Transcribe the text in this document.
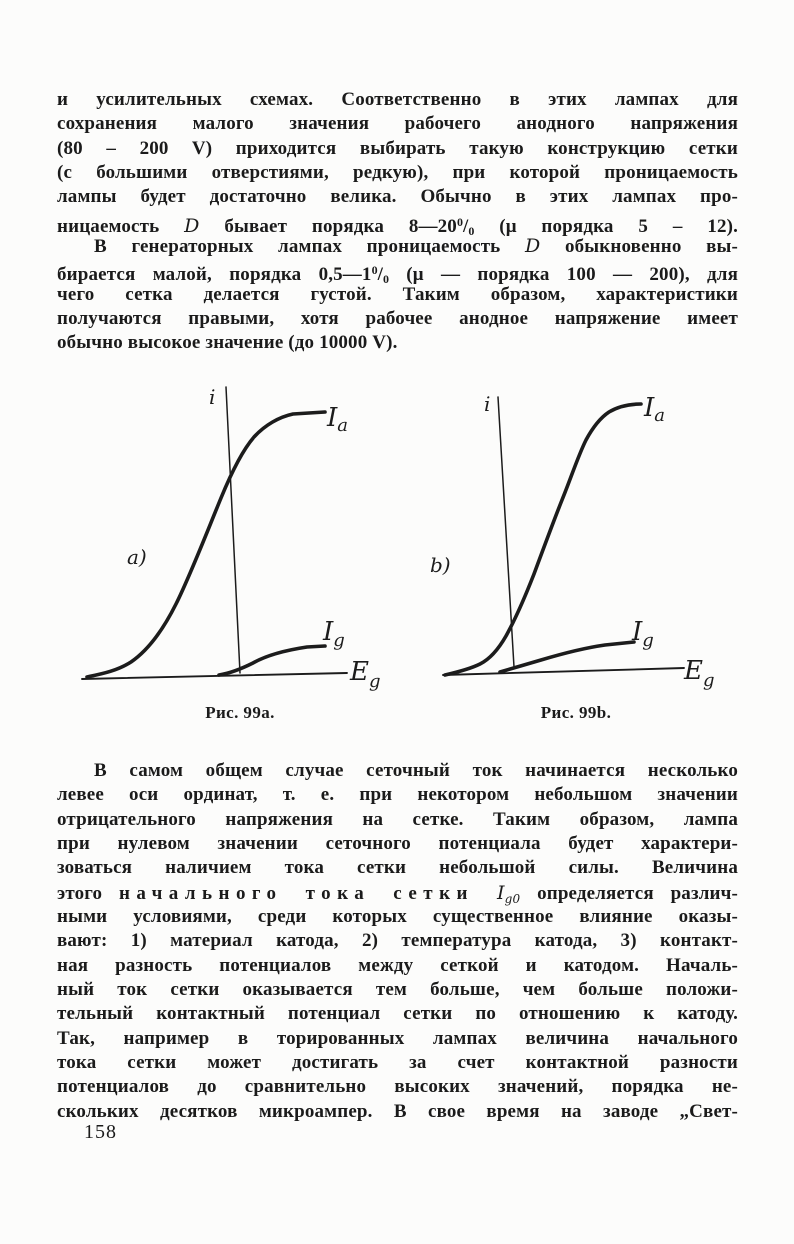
и усилительных схемах. Соответственно в этих лампах для
сохранения малого значения рабочего анодного напряжения
(80 – 200 V) приходится выбирать такую конструкцию сетки
(с большими отверстиями, редкую), при которой проницаемость
лампы будет достаточно велика. Обычно в этих лампах про-
ницаемость D бывает порядка $8—20^0/0$ (μ порядка 5 – 12).
В генераторных лампах проницаемость D обыкновенно вы-
бирается малой, порядка $0,5—1^0/0$ (μ — порядка 100 — 200), для
чего сетка делается густой. Таким образом, характеристики
получаются правыми, хотя рабочее анодное напряжение имеет
обычно высокое значение (до 10000 V).
i
Ia
$I_g$
$E_g$
a)
i	Ia
$I_g$
$E_g$
b)
Рис. 99a.	Рис. 99b.
В самом общем случае сеточный ток начинается несколько
левее оси ординат, т. е. при некотором небольшом значении
отрицательного напряжения на сетке. Таким образом, лампа
при нулевом значении сеточного потенциала будет характери-
зоваться наличием тока сетки небольшой силы. Величина
этого начального тока сетки $I_{g0}$ определяется различ-
ными условиями, среди которых существенное влияние оказы-
вают: 1) материал катода, 2) температура катода, 3) контакт-
ная разность потенциалов между сеткой и катодом. Началь-
ный ток сетки оказывается тем больше, чем больше положи-
тельный контактный потенциал сетки по отношению к катоду.
Так, например в торированных лампах величина начального
тока сетки может достигать за счет контактной разности
потенциалов до сравнительно высоких значений, порядка не-
скольких десятков микроампер. В свое время на заводе „Свет-
158
